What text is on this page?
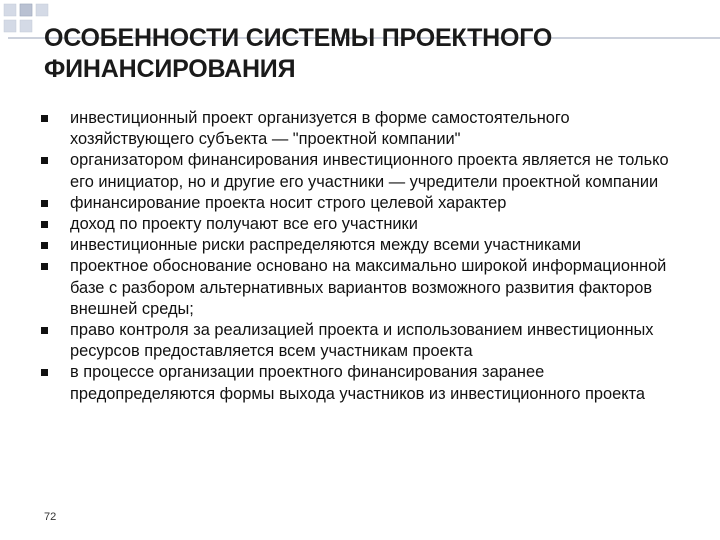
ОСОБЕННОСТИ СИСТЕМЫ ПРОЕКТНОГО
ФИНАНСИРОВАНИЯ
инвестиционный проект организуется в форме самостоятельного хозяйствующего субъекта — "проектной компании"
организатором финансирования инвестиционного проекта является не только его инициатор, но и другие его участники — учредители проектной компании
финансирование проекта носит строго целевой характер
доход по проекту получают все его участники
инвестиционные риски распределяются между всеми участниками
проектное обоснование основано на максимально широкой информационной базе с разбором альтернативных вариантов возможного развития факторов внешней среды;
право контроля за реализацией проекта и использованием инвестиционных ресурсов предоставляется всем участникам проекта
в процессе организации проектного финансирования заранее предопределяются формы выхода участников из инвестиционного проекта
72
